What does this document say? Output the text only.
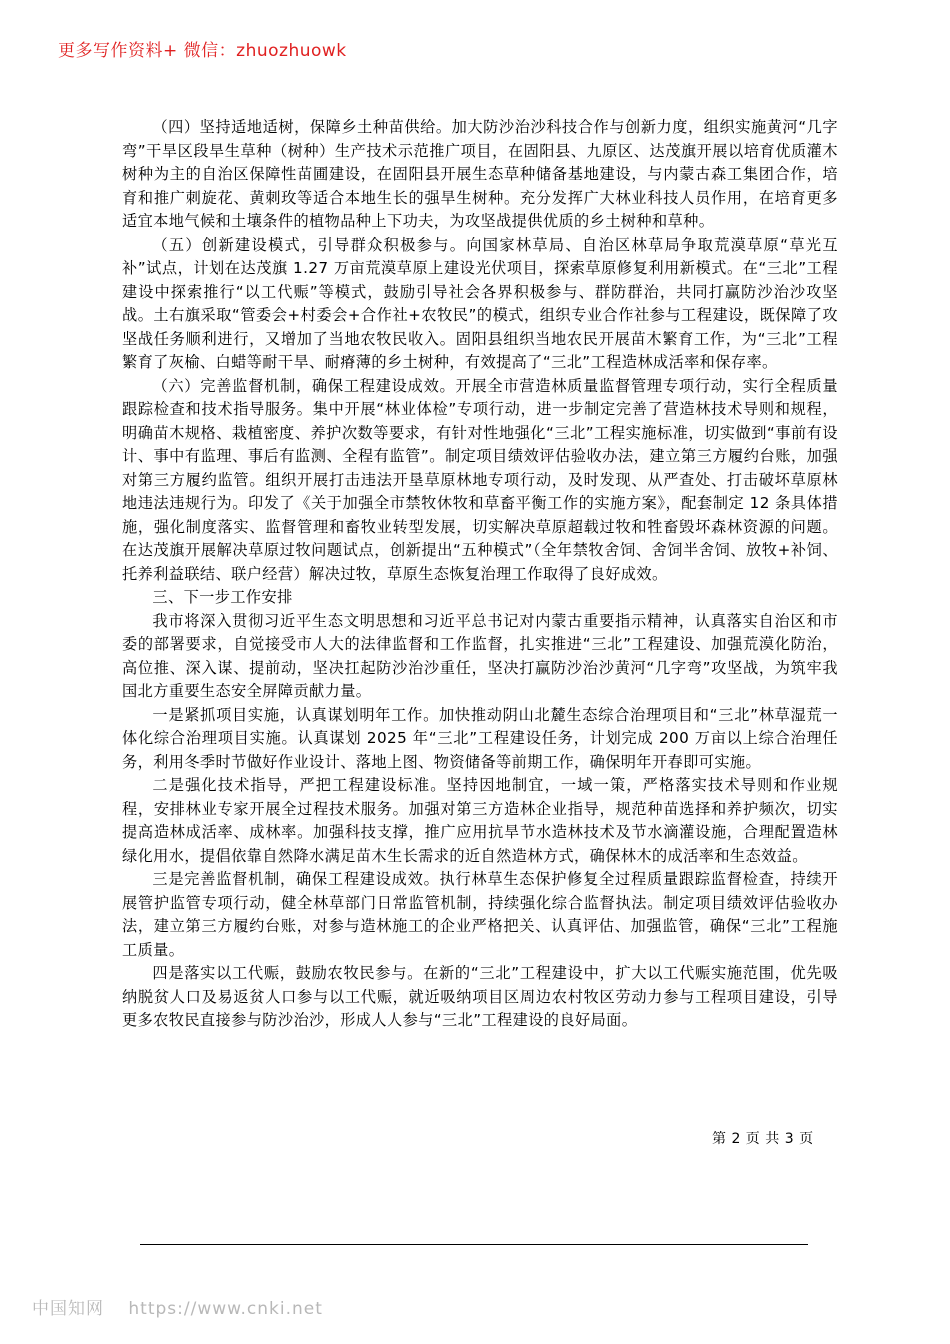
更多写作资料+ 微信：zhuozhuowk

（四）坚持适地适树，保障乡土种苗供给。加大防沙治沙科技合作与创新力度，组织实施黄河“几字弯”干旱区段旱生草种（树种）生产技术示范推广项目，在固阳县、九原区、达茂旗开展以培育优质灌木树种为主的自治区保障性苗圃建设，在固阳县开展生态草种储备基地建设，与内蒙古森工集团合作，培育和推广刺旋花、黄刺玫等适合本地生长的强旱生树种。充分发挥广大林业科技人员作用，在培育更多适宜本地气候和土壤条件的植物品种上下功夫，为攻坚战提供优质的乡土树种和草种。

（五）创新建设模式，引导群众积极参与。向国家林草局、自治区林草局争取荒漠草原“草光互补”试点，计划在达茂旗 1.27 万亩荒漠草原上建设光伏项目，探索草原修复利用新模式。在“三北”工程建设中探索推行“以工代赈”等模式，鼓励引导社会各界积极参与、群防群治，共同打赢防沙治沙攻坚战。土右旗采取“管委会+村委会+合作社+农牧民”的模式，组织专业合作社参与工程建设，既保障了攻坚战任务顺利进行，又增加了当地农牧民收入。固阳县组织当地农民开展苗木繁育工作，为“三北”工程繁育了灰榆、白蜡等耐干旱、耐瘠薄的乡土树种，有效提高了“三北”工程造林成活率和保存率。

（六）完善监督机制，确保工程建设成效。开展全市营造林质量监督管理专项行动，实行全程质量跟踪检查和技术指导服务。集中开展“林业体检”专项行动，进一步制定完善了营造林技术导则和规程，明确苗木规格、栽植密度、养护次数等要求，有针对性地强化“三北”工程实施标准，切实做到“事前有设计、事中有监理、事后有监测、全程有监管”。制定项目绩效评估验收办法，建立第三方履约台账，加强对第三方履约监管。组织开展打击违法开垦草原林地专项行动，及时发现、从严查处、打击破坏草原林地违法违规行为。印发了《关于加强全市禁牧休牧和草畜平衡工作的实施方案》，配套制定 12 条具体措施，强化制度落实、监督管理和畜牧业转型发展，切实解决草原超载过牧和牲畜毁坏森林资源的问题。在达茂旗开展解决草原过牧问题试点，创新提出“五种模式”（全年禁牧舍饲、舍饲半舍饲、放牧+补饲、托养利益联结、联户经营）解决过牧，草原生态恢复治理工作取得了良好成效。

三、下一步工作安排

我市将深入贯彻习近平生态文明思想和习近平总书记对内蒙古重要指示精神，认真落实自治区和市委的部署要求，自觉接受市人大的法律监督和工作监督，扎实推进“三北”工程建设、加强荒漠化防治，高位推、深入谋、提前动，坚决扛起防沙治沙重任，坚决打赢防沙治沙黄河“几字弯”攻坚战，为筑牢我国北方重要生态安全屏障贡献力量。

一是紧抓项目实施，认真谋划明年工作。加快推动阴山北麓生态综合治理项目和“三北”林草湿荒一体化综合治理项目实施。认真谋划 2025 年“三北”工程建设任务，计划完成 200 万亩以上综合治理任务，利用冬季时节做好作业设计、落地上图、物资储备等前期工作，确保明年开春即可实施。

二是强化技术指导，严把工程建设标准。坚持因地制宜，一域一策，严格落实技术导则和作业规程，安排林业专家开展全过程技术服务。加强对第三方造林企业指导，规范种苗选择和养护频次，切实提高造林成活率、成林率。加强科技支撑，推广应用抗旱节水造林技术及节水滴灌设施，合理配置造林绿化用水，提倡依靠自然降水满足苗木生长需求的近自然造林方式，确保林木的成活率和生态效益。

三是完善监督机制，确保工程建设成效。执行林草生态保护修复全过程质量跟踪监督检查，持续开展管护监管专项行动，健全林草部门日常监管机制，持续强化综合监督执法。制定项目绩效评估验收办法，建立第三方履约台账，对参与造林施工的企业严格把关、认真评估、加强监管，确保“三北”工程施工质量。

四是落实以工代赈，鼓励农牧民参与。在新的“三北”工程建设中，扩大以工代赈实施范围，优先吸纳脱贫人口及易返贫人口参与以工代赈，就近吸纳项目区周边农村牧区劳动力参与工程项目建设，引导更多农牧民直接参与防沙治沙，形成人人参与“三北”工程建设的良好局面。

第 2 页 共 3 页
中国知网 https://www.cnki.net
